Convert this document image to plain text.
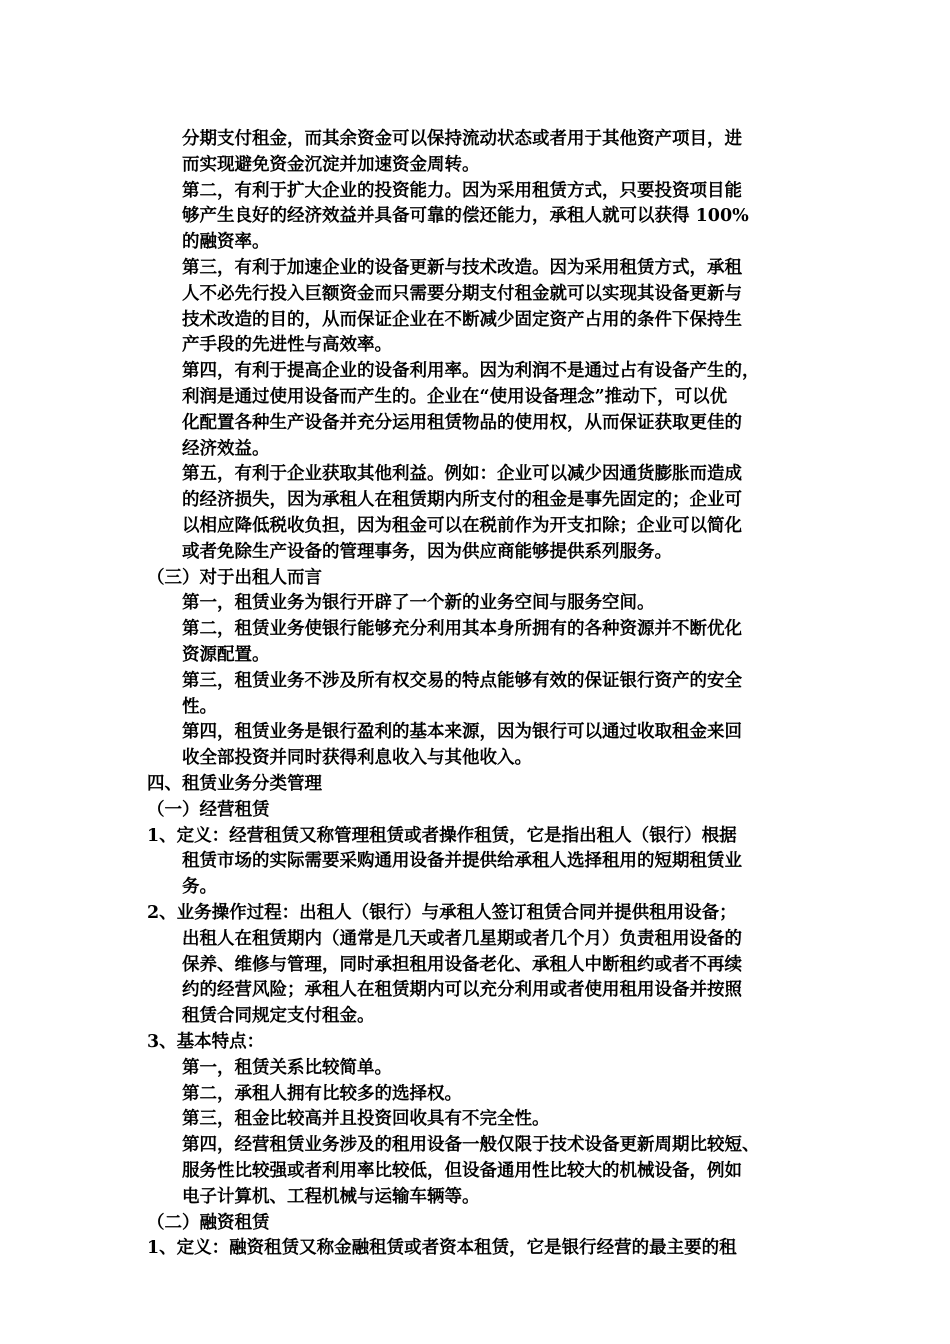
分期支付租金，而其余资金可以保持流动状态或者用于其他资产项目，进
而实现避免资金沉淀并加速资金周转。
第二，有利于扩大企业的投资能力。因为采用租赁方式，只要投资项目能
够产生良好的经济效益并具备可靠的偿还能力，承租人就可以获得 100%
的融资率。
第三，有利于加速企业的设备更新与技术改造。因为采用租赁方式，承租
人不必先行投入巨额资金而只需要分期支付租金就可以实现其设备更新与
技术改造的目的，从而保证企业在不断减少固定资产占用的条件下保持生
产手段的先进性与高效率。
第四，有利于提高企业的设备利用率。因为利润不是通过占有设备产生的，
利润是通过使用设备而产生的。企业在“使用设备理念”推动下，可以优
化配置各种生产设备并充分运用租赁物品的使用权，从而保证获取更佳的
经济效益。
第五，有利于企业获取其他利益。例如：企业可以减少因通货膨胀而造成
的经济损失，因为承租人在租赁期内所支付的租金是事先固定的；企业可
以相应降低税收负担，因为租金可以在税前作为开支扣除；企业可以简化
或者免除生产设备的管理事务，因为供应商能够提供系列服务。
（三）对于出租人而言
第一，租赁业务为银行开辟了一个新的业务空间与服务空间。
第二，租赁业务使银行能够充分利用其本身所拥有的各种资源并不断优化
资源配置。
第三，租赁业务不涉及所有权交易的特点能够有效的保证银行资产的安全
性。
第四，租赁业务是银行盈利的基本来源，因为银行可以通过收取租金来回
收全部投资并同时获得利息收入与其他收入。
四、租赁业务分类管理
（一）经营租赁
1、定义：经营租赁又称管理租赁或者操作租赁，它是指出租人（银行）根据
租赁市场的实际需要采购通用设备并提供给承租人选择租用的短期租赁业
务。
2、业务操作过程：出租人（银行）与承租人签订租赁合同并提供租用设备；
出租人在租赁期内（通常是几天或者几星期或者几个月）负责租用设备的
保养、维修与管理，同时承担租用设备老化、承租人中断租约或者不再续
约的经营风险；承租人在租赁期内可以充分利用或者使用租用设备并按照
租赁合同规定支付租金。
3、基本特点：
第一，租赁关系比较简单。
第二，承租人拥有比较多的选择权。
第三，租金比较高并且投资回收具有不完全性。
第四，经营租赁业务涉及的租用设备一般仅限于技术设备更新周期比较短、
服务性比较强或者利用率比较低，但设备通用性比较大的机械设备，例如
电子计算机、工程机械与运输车辆等。
（二）融资租赁
1、定义：融资租赁又称金融租赁或者资本租赁，它是银行经营的最主要的租
